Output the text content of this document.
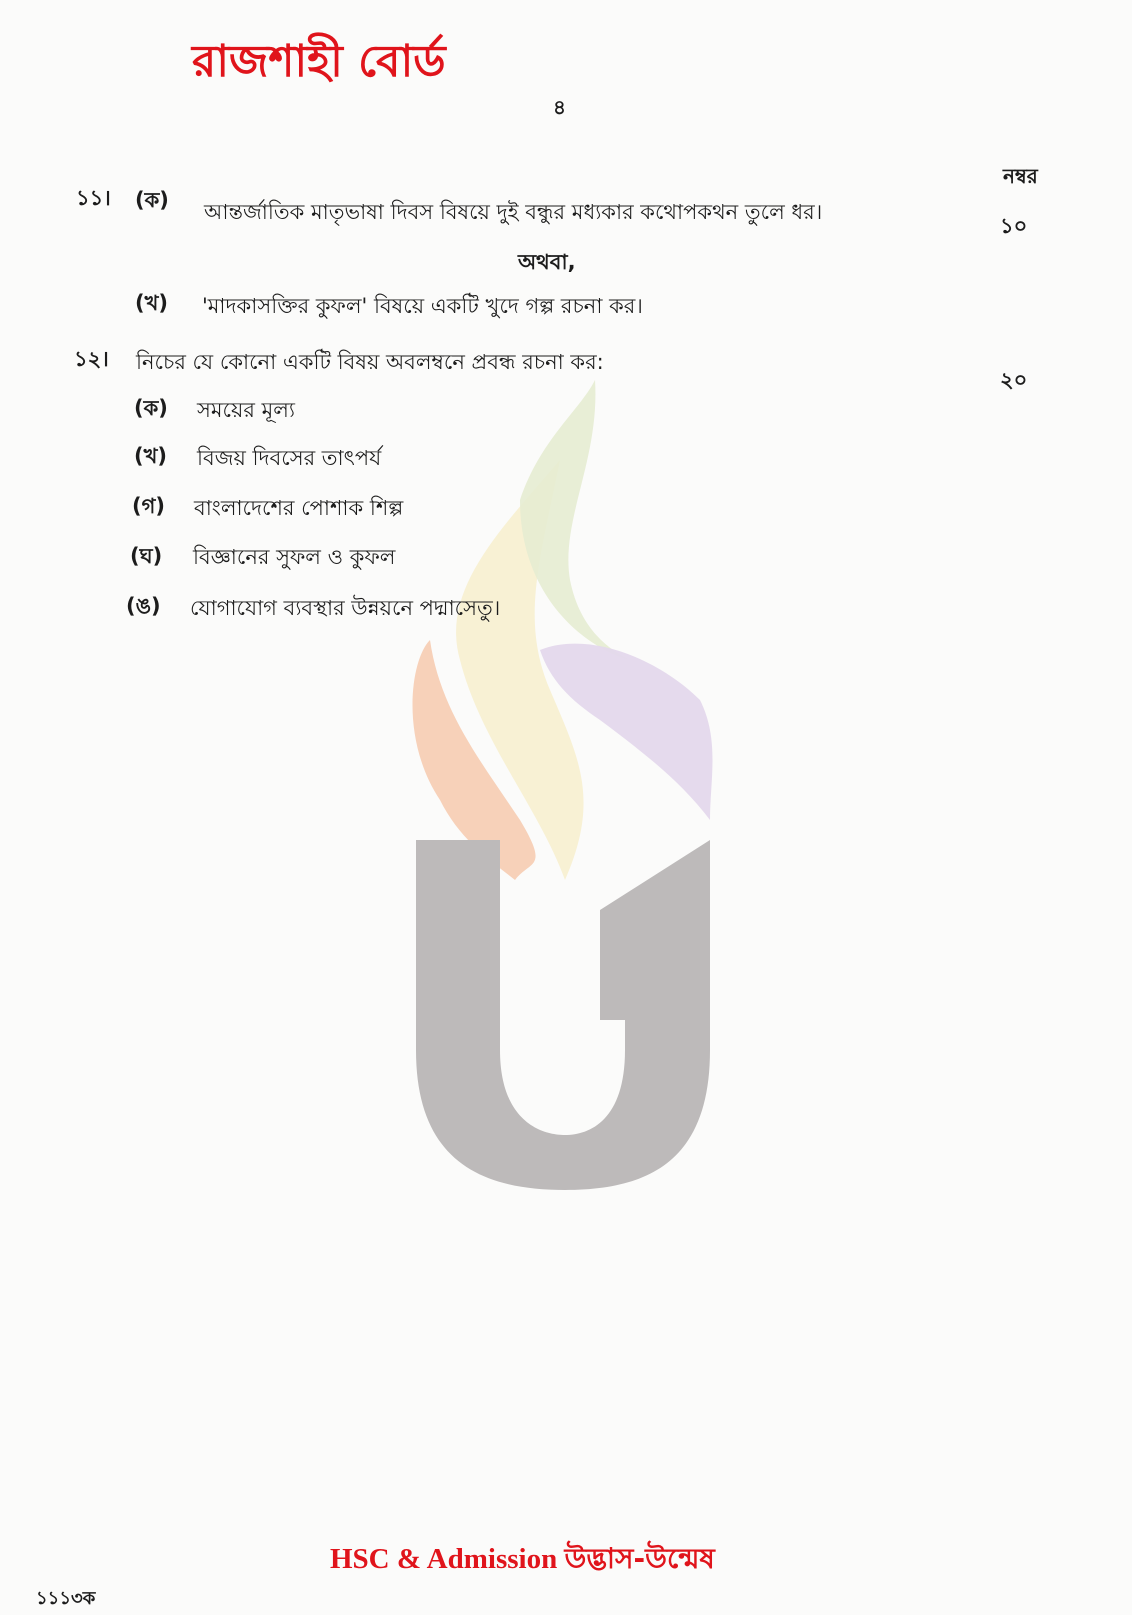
রাজশাহী বোর্ড
৪
নম্বর
১১। (ক) আন্তর্জাতিক মাতৃভাষা দিবস বিষয়ে দুই বন্ধুর মধ্যকার কথোপকথন তুলে ধর।
১০
অথবা,
(খ) 'মাদকাসক্তির কুফল' বিষয়ে একটি খুদে গল্প রচনা কর।
১২। নিচের যে কোনো একটি বিষয় অবলম্বনে প্রবন্ধ রচনা কর:
২০
(ক) সময়ের মূল্য
(খ) বিজয় দিবসের তাৎপর্য
(গ) বাংলাদেশের পোশাক শিল্প
(ঘ) বিজ্ঞানের সুফল ও কুফল
(ঙ) যোগাযোগ ব্যবস্থার উন্নয়নে পদ্মাসেতু।
HSC & Admission উদ্ভাস-উন্মেষ
১১১৩ক
